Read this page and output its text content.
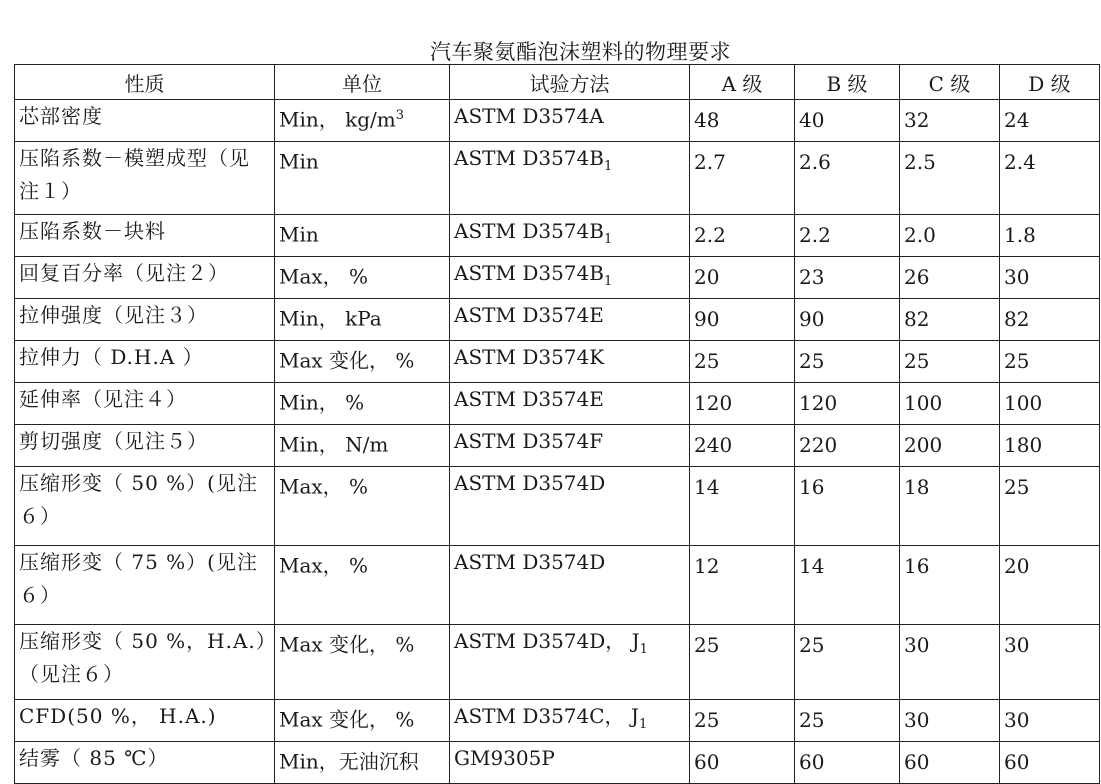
汽车聚氨酯泡沫塑料的物理要求
性质	单位	试验方法	A 级	B 级	C 级	D 级
芯部密度	Min， $kg/m^3$	ASTM D3574A	48	40	32	24
压陷系数－模塑成型（见注１）	Min	ASTM $D3574B_1$	2.7	2.6	2.5	2.4
压陷系数－块料	Min	ASTM $D3574B_1$	2.2	2.2	2.0	1.8
回复百分率（见注２）	Max， %	ASTM $D3574B_1$	20	23	26	30
拉伸强度（见注３）	Min， kPa	ASTM D3574E	90	90	82	82
拉伸力（ D.H.A ）	Max 变化， %	ASTM D3574K	25	25	25	25
延伸率（见注４）	Min， %	ASTM D3574E	120	120	100	100
剪切强度（见注５）	Min， N/m	ASTM D3574F	240	220	200	180
压缩形变（ 50 %）(见注６）	Max， %	ASTM D3574D	14	16	18	25
压缩形变（ 75 %）(见注６）	Max， %	ASTM D3574D	12	14	16	20
压缩形变（ 50 %，H.A.）（见注６）	Max 变化， %	ASTM D3574D， $J_1$	25	25	30	30
CFD(50 %， H.A.)	Max 变化， %	ASTM D3574C， $J_1$	25	25	30	30
结雾（ 85 ℃）	Min，无油沉积	GM9305P	60	60	60	60
